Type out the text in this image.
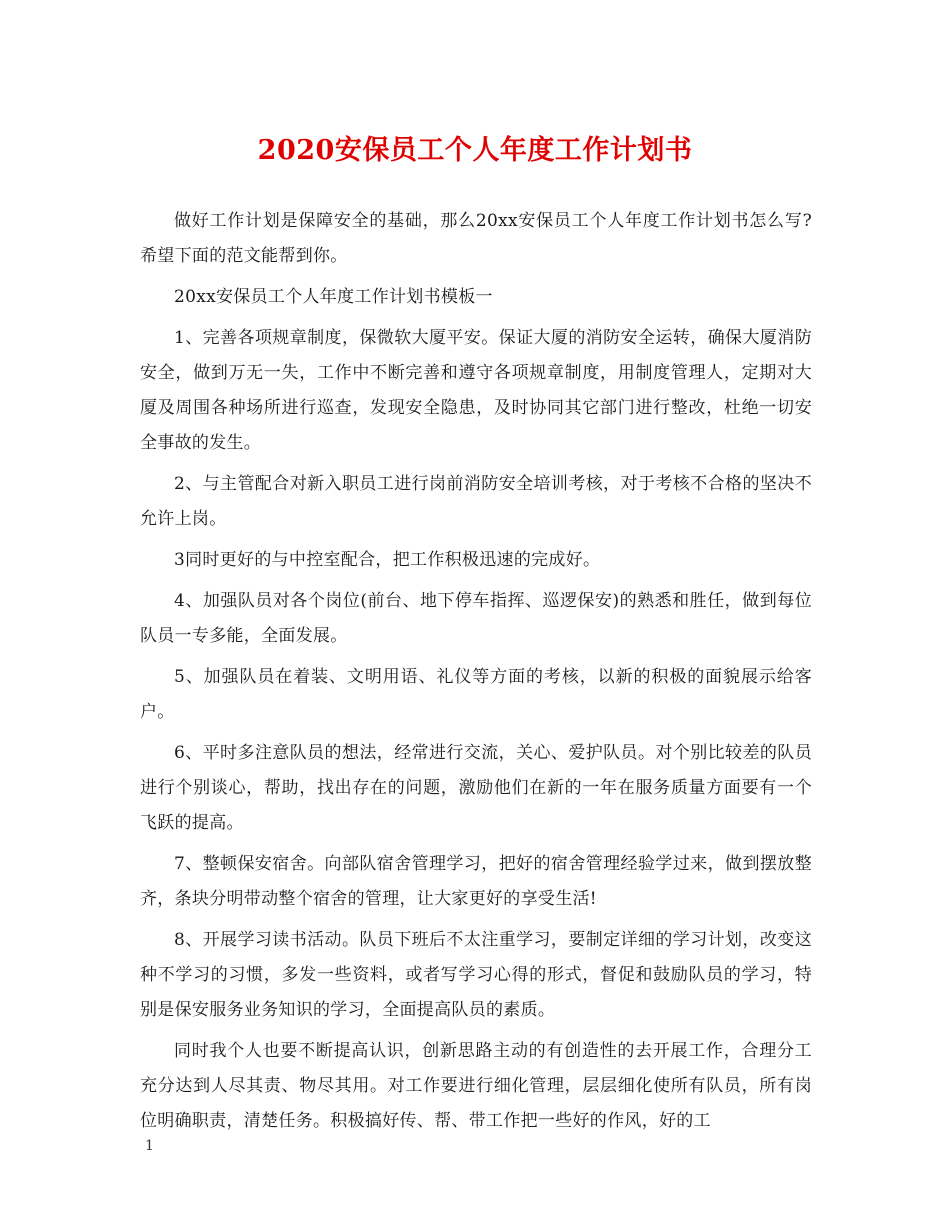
2020安保员工个人年度工作计划书

做好工作计划是保障安全的基础，那么20xx安保员工个人年度工作计划书怎么写?希望下面的范文能帮到你。

20xx安保员工个人年度工作计划书模板一

1、完善各项规章制度，保微软大厦平安。保证大厦的消防安全运转，确保大厦消防安全，做到万无一失，工作中不断完善和遵守各项规章制度，用制度管理人，定期对大厦及周围各种场所进行巡查，发现安全隐患，及时协同其它部门进行整改，杜绝一切安全事故的发生。

2、与主管配合对新入职员工进行岗前消防安全培训考核，对于考核不合格的坚决不允许上岗。

3同时更好的与中控室配合，把工作积极迅速的完成好。

4、加强队员对各个岗位(前台、地下停车指挥、巡逻保安)的熟悉和胜任，做到每位队员一专多能，全面发展。

5、加强队员在着装、文明用语、礼仪等方面的考核，以新的积极的面貌展示给客户。

6、平时多注意队员的想法，经常进行交流，关心、爱护队员。对个别比较差的队员进行个别谈心，帮助，找出存在的问题，激励他们在新的一年在服务质量方面要有一个飞跃的提高。

7、整顿保安宿舍。向部队宿舍管理学习，把好的宿舍管理经验学过来，做到摆放整齐，条块分明带动整个宿舍的管理，让大家更好的享受生活!

8、开展学习读书活动。队员下班后不太注重学习，要制定详细的学习计划，改变这种不学习的习惯，多发一些资料，或者写学习心得的形式，督促和鼓励队员的学习，特别是保安服务业务知识的学习，全面提高队员的素质。

同时我个人也要不断提高认识，创新思路主动的有创造性的去开展工作，合理分工充分达到人尽其责、物尽其用。对工作要进行细化管理，层层细化使所有队员，所有岗位明确职责，清楚任务。积极搞好传、帮、带工作把一些好的作风，好的工

1
